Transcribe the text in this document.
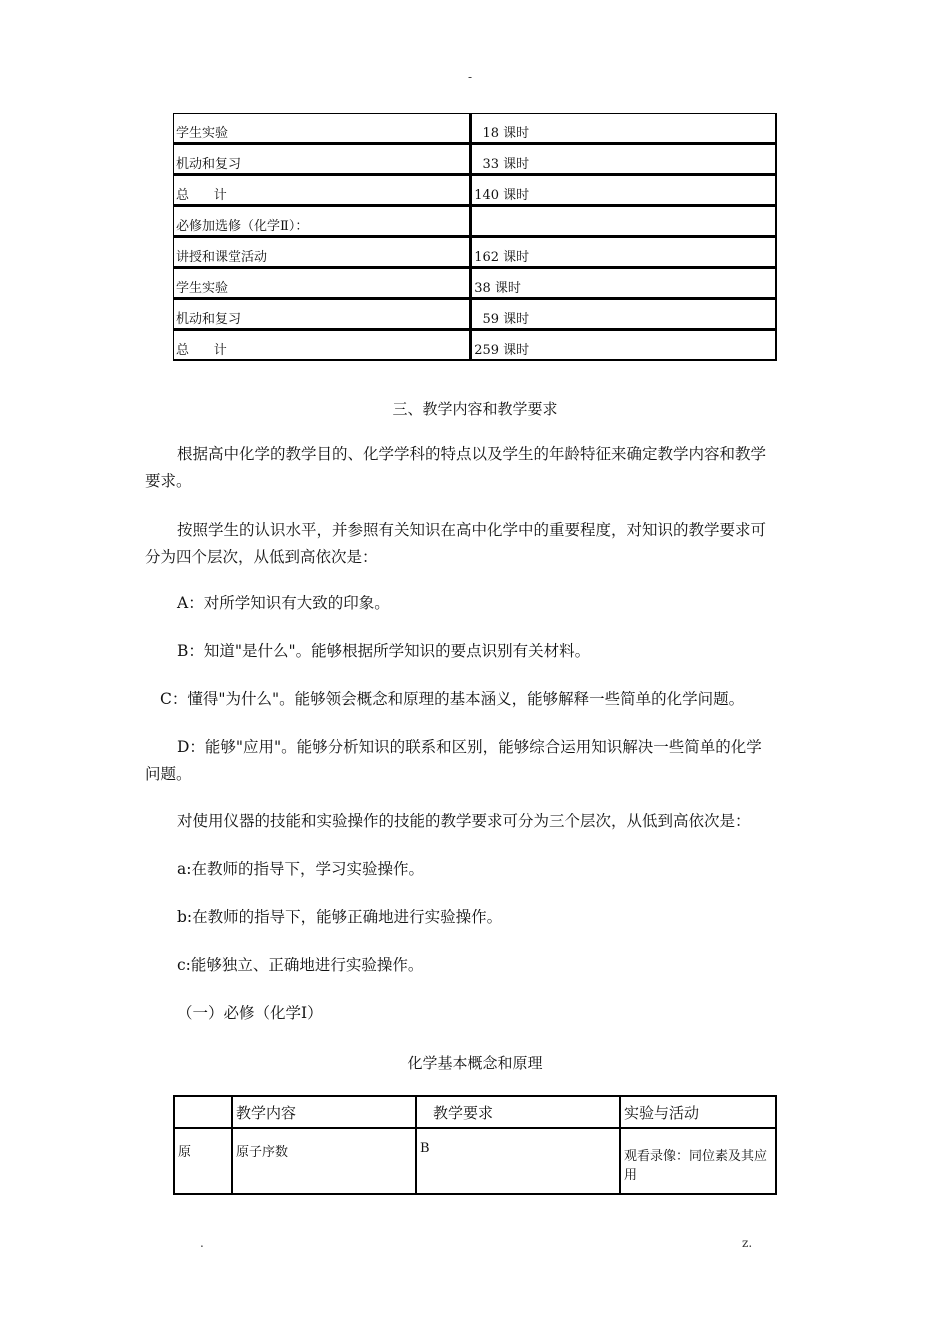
-
学生实验	18 课时
机动和复习	33 课时
总      计	140 课时
必修加选修（化学Ⅱ）：	
讲授和课堂活动	162 课时
学生实验	38 课时
机动和复习	59 课时
总      计	259 课时
三、教学内容和教学要求
根据高中化学的教学目的、化学学科的特点以及学生的年龄特征来确定教学内容和教学
要求。
按照学生的认识水平，并参照有关知识在高中化学中的重要程度，对知识的教学要求可
分为四个层次，从低到高依次是：
A：对所学知识有大致的印象。
B：知道"是什么"。能够根据所学知识的要点识别有关材料。
C：懂得"为什么"。能够领会概念和原理的基本涵义，能够解释一些简单的化学问题。
D：能够"应用"。能够分析知识的联系和区别，能够综合运用知识解决一些简单的化学
问题。
对使用仪器的技能和实验操作的技能的教学要求可分为三个层次，从低到高依次是：
a:在教师的指导下，学习实验操作。
b:在教师的指导下，能够正确地进行实验操作。
c:能够独立、正确地进行实验操作。
（一）必修（化学Ⅰ）
化学基本概念和原理
	教学内容	教学要求	实验与活动
原	原子序数	B	观看录像：同位素及其应用
.	z.
